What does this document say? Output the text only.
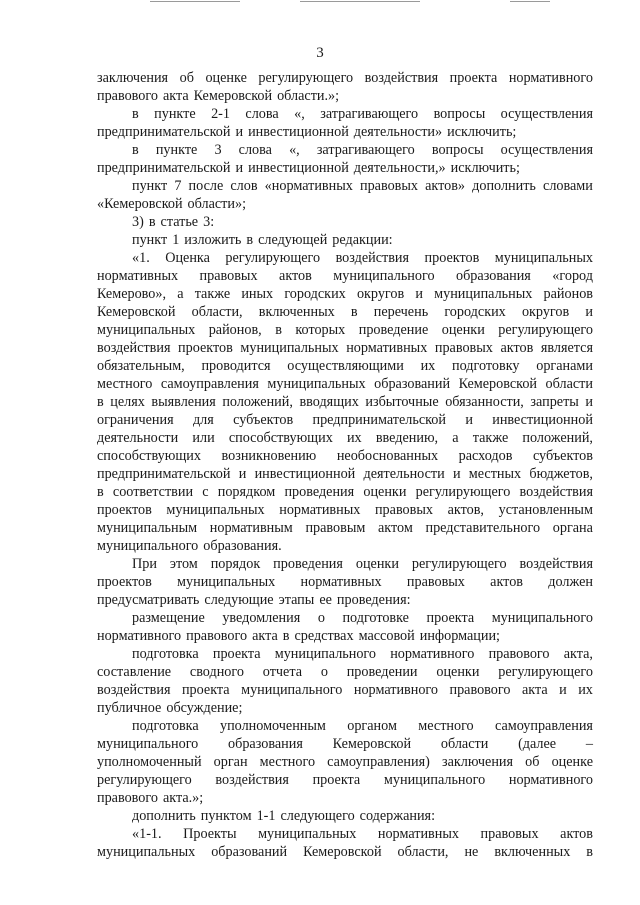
3
заключения об оценке регулирующего воздействия проекта нормативного
правового акта Кемеровской области.»;
в пункте 2-1 слова «, затрагивающего вопросы осуществления
предпринимательской и инвестиционной деятельности» исключить;
в пункте 3 слова «, затрагивающего вопросы осуществления
предпринимательской и инвестиционной деятельности,» исключить;
пункт 7 после слов «нормативных правовых актов» дополнить словами
«Кемеровской области»;
3) в статье 3:
пункт 1 изложить в следующей редакции:
«1. Оценка регулирующего воздействия проектов муниципальных
нормативных правовых актов муниципального образования «город
Кемерово», а также иных городских округов и муниципальных районов
Кемеровской области, включенных в перечень городских округов и
муниципальных районов, в которых проведение оценки регулирующего
воздействия проектов муниципальных нормативных правовых актов является
обязательным, проводится осуществляющими их подготовку органами
местного самоуправления муниципальных образований Кемеровской области
в целях выявления положений, вводящих избыточные обязанности, запреты и
ограничения для субъектов предпринимательской и инвестиционной
деятельности или способствующих их введению, а также положений,
способствующих возникновению необоснованных расходов субъектов
предпринимательской и инвестиционной деятельности и местных бюджетов,
в соответствии с порядком проведения оценки регулирующего воздействия
проектов муниципальных нормативных правовых актов, установленным
муниципальным нормативным правовым актом представительного органа
муниципального образования.
При этом порядок проведения оценки регулирующего воздействия
проектов муниципальных нормативных правовых актов должен
предусматривать следующие этапы ее проведения:
размещение уведомления о подготовке проекта муниципального
нормативного правового акта в средствах массовой информации;
подготовка проекта муниципального нормативного правового акта,
составление сводного отчета о проведении оценки регулирующего
воздействия проекта муниципального нормативного правового акта и их
публичное обсуждение;
подготовка уполномоченным органом местного самоуправления
муниципального образования Кемеровской области (далее –
уполномоченный орган местного самоуправления) заключения об оценке
регулирующего воздействия проекта муниципального нормативного
правового акта.»;
дополнить пунктом 1-1 следующего содержания:
«1-1. Проекты муниципальных нормативных правовых актов
муниципальных образований Кемеровской области, не включенных в
